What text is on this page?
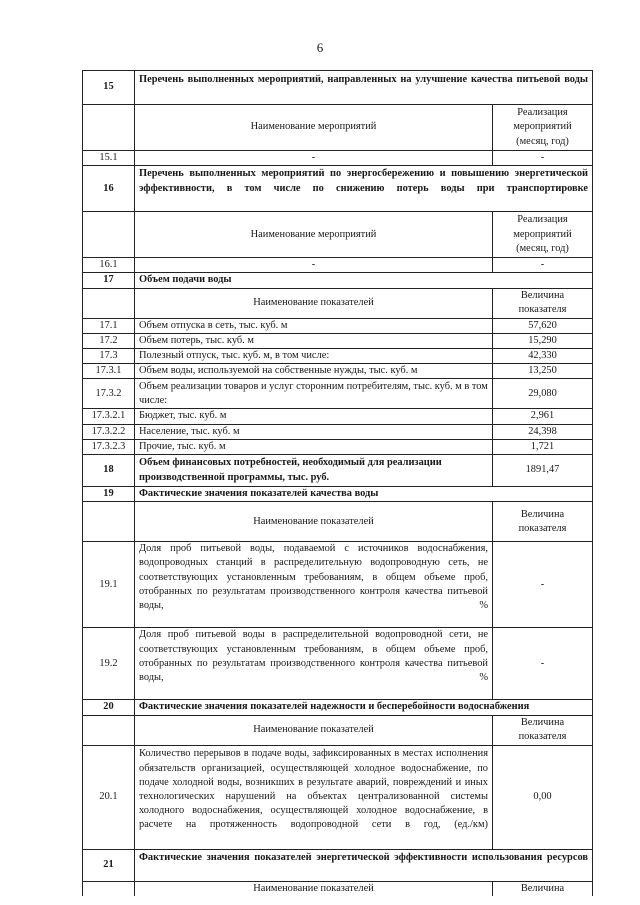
6
15	Перечень выполненных мероприятий, направленных на улучшение качества питьевой воды	
	Наименование мероприятий	Реализация мероприятий (месяц, год)
15.1	-	-
16	Перечень выполненных мероприятий по энергосбережению и повышению энергетической эффективности, в том числе по снижению потерь воды при транспортировке	
	Наименование мероприятий	Реализация мероприятий (месяц, год)
16.1	-	-
17	Объем подачи воды	
	Наименование показателей	Величина показателя
17.1	Объем отпуска в сеть, тыс. куб. м	57,620
17.2	Объем потерь, тыс. куб. м	15,290
17.3	Полезный отпуск, тыс. куб. м, в том числе:	42,330
17.3.1	Объем воды, используемой на собственные нужды, тыс. куб. м	13,250
17.3.2	Объем реализации товаров и услуг сторонним потребителям, тыс. куб. м в том числе:	29,080
17.3.2.1	Бюджет, тыс. куб. м	2,961
17.3.2.2	Население, тыс. куб. м	24,398
17.3.2.3	Прочие, тыс. куб. м	1,721
18	Объем финансовых потребностей, необходимый для реализации производственной программы, тыс. руб.	1891,47
19	Фактические значения показателей качества воды	
	Наименование показателей	Величина показателя
19.1	Доля проб питьевой воды, подаваемой с источников водоснабжения, водопроводных станций в распределительную водопроводную сеть, не соответствующих установленным требованиям, в общем объеме проб, отобранных по результатам производственного контроля качества питьевой воды, %	-
19.2	Доля проб питьевой воды в распределительной водопроводной сети, не соответствующих установленным требованиям, в общем объеме проб, отобранных по результатам производственного контроля качества питьевой воды, %	-
20	Фактические значения показателей надежности и бесперебойности водоснабжения	
	Наименование показателей	Величина показателя
20.1	Количество перерывов в подаче воды, зафиксированных в местах исполнения обязательств организацией, осуществляющей холодное водоснабжение, по подаче холодной воды, возникших в результате аварий, повреждений и иных технологических нарушений на объектах централизованной системы холодного водоснабжения, осуществляющей холодное водоснабжение, в расчете на протяженность водопроводной сети в год, (ед./км)	0,00
21	Фактические значения показателей энергетической эффективности использования ресурсов	
	Наименование показателей	Величина
